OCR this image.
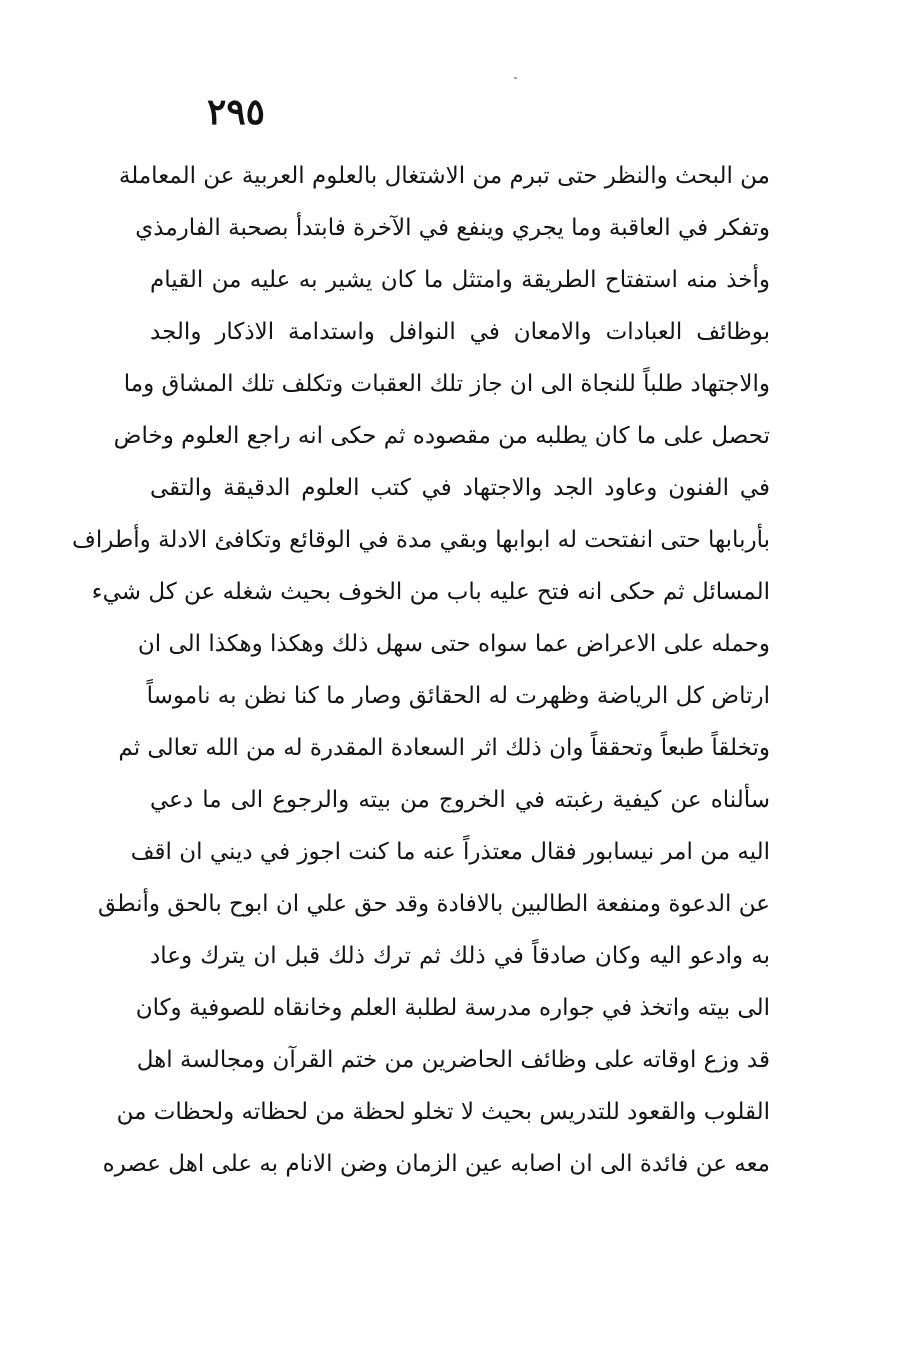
٢٩٥
من البحث والنظر حتى تبرم من الاشتغال بالعلوم العربية عن المعاملة
وتفكر في العاقبة وما يجري وينفع في الآخرة فابتدأ بصحبة الفارمذي
وأخذ منه استفتاح الطريقة وامتثل ما كان يشير به عليه من القيام
بوظائف العبادات والامعان في النوافل واستدامة الاذكار والجد
والاجتهاد طلباً للنجاة الى ان جاز تلك العقبات وتكلف تلك المشاق وما
تحصل على ما كان يطلبه من مقصوده ثم حكى انه راجع العلوم وخاض
في الفنون وعاود الجد والاجتهاد في كتب العلوم الدقيقة والتقى
بأربابها حتى انفتحت له ابوابها وبقي مدة في الوقائع وتكافئ الادلة وأطراف
المسائل ثم حكى انه فتح عليه باب من الخوف بحيث شغله عن كل شيء
وحمله على الاعراض عما سواه حتى سهل ذلك وهكذا وهكذا الى ان
ارتاض كل الرياضة وظهرت له الحقائق وصار ما كنا نظن به ناموساً
وتخلقاً طبعاً وتحققاً وان ذلك اثر السعادة المقدرة له من الله تعالى ثم
سألناه عن كيفية رغبته في الخروج من بيته والرجوع الى ما دعي
اليه من امر نيسابور فقال معتذراً عنه ما كنت اجوز في ديني ان اقف
عن الدعوة ومنفعة الطالبين بالافادة وقد حق علي ان ابوح بالحق وأنطق
به وادعو اليه وكان صادقاً في ذلك ثم ترك ذلك قبل ان يترك وعاد
الى بيته واتخذ في جواره مدرسة لطلبة العلم وخانقاه للصوفية وكان
قد وزع اوقاته على وظائف الحاضرين من ختم القرآن ومجالسة اهل
القلوب والقعود للتدريس بحيث لا تخلو لحظة من لحظاته ولحظات من
معه عن فائدة الى ان اصابه عين الزمان وضن الانام به على اهل عصره
